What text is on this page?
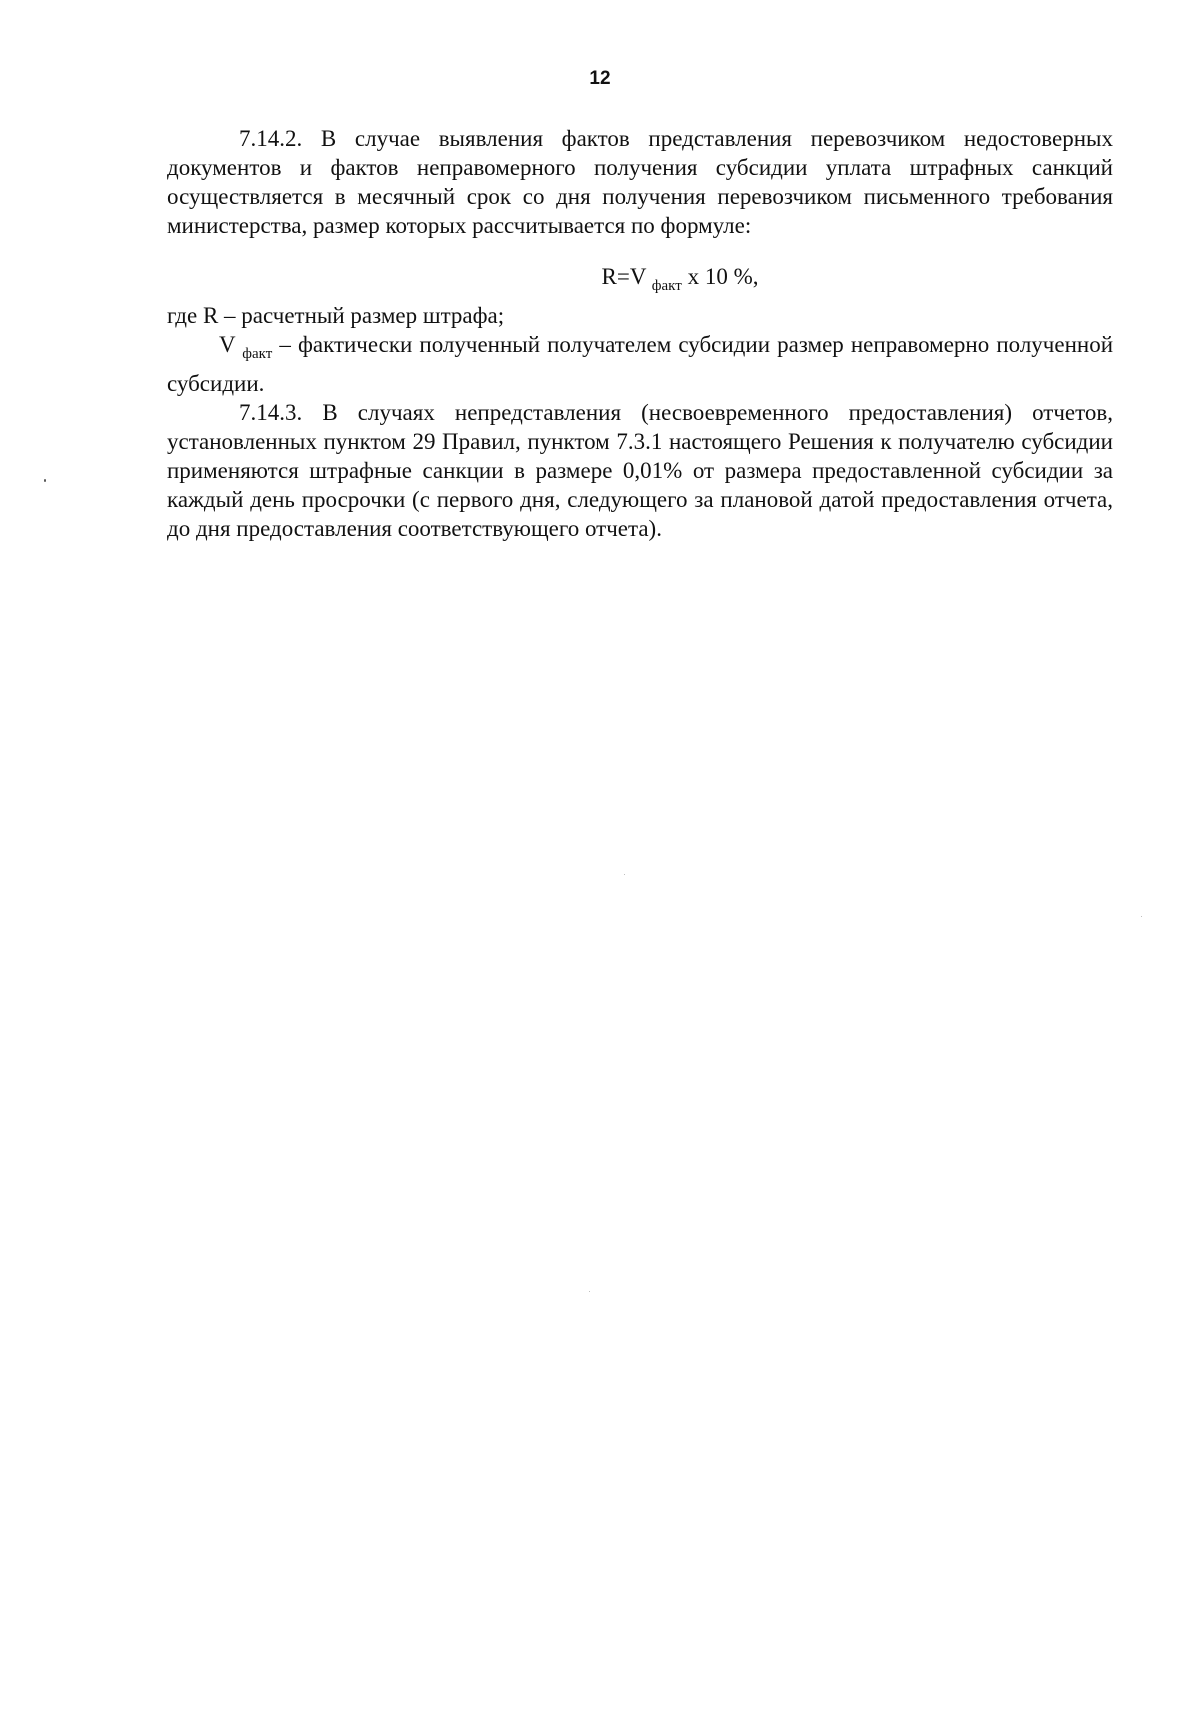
12

7.14.2. В случае выявления фактов представления перевозчиком недостоверных документов и фактов неправомерного получения субсидии уплата штрафных санкций осуществляется в месячный срок со дня получения перевозчиком письменного требования министерства, размер которых рассчитывается по формуле:

R=V $_{факт}$ x 10 %,

где R – расчетный размер штрафа;

V $_{факт}$ – фактически полученный получателем субсидии размер неправомерно полученной субсидии.

7.14.3. В случаях непредставления (несвоевременного предоставления) отчетов, установленных пунктом 29 Правил, пунктом 7.3.1 настоящего Решения к получателю субсидии применяются штрафные санкции в размере 0,01% от размера предоставленной субсидии за каждый день просрочки (с первого дня, следующего за плановой датой предоставления отчета, до дня предоставления соответствующего отчета).
